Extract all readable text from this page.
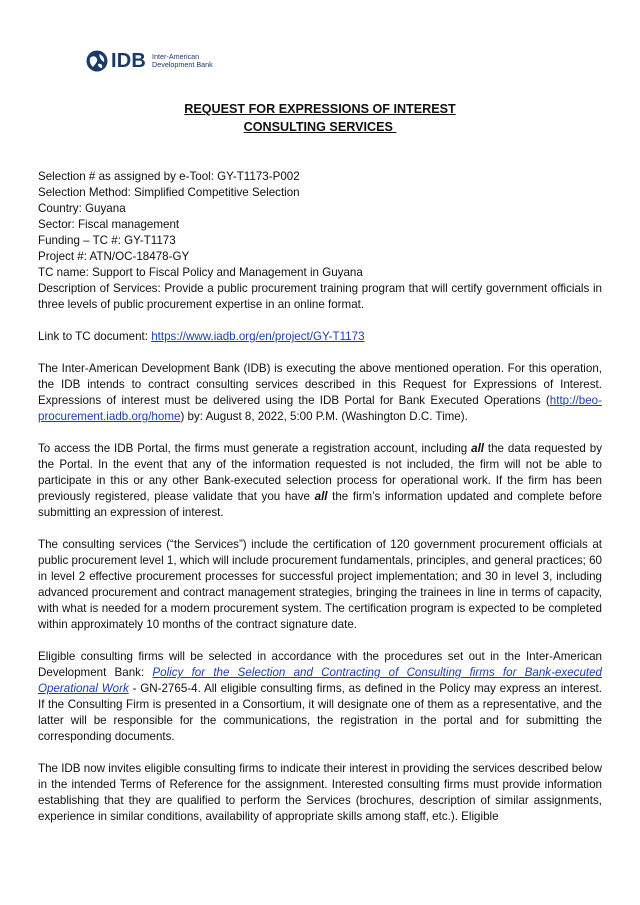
IDB Inter-American
Development Bank
REQUEST FOR EXPRESSIONS OF INTEREST
CONSULTING SERVICES
Selection # as assigned by e-Tool: GY-T1173-P002
Selection Method: Simplified Competitive Selection
Country: Guyana
Sector: Fiscal management
Funding – TC #: GY-T1173
Project #: ATN/OC-18478-GY
TC name: Support to Fiscal Policy and Management in Guyana
Description of Services: Provide a public procurement training program that will certify government officials in three levels of public procurement expertise in an online format.
Link to TC document: https://www.iadb.org/en/project/GY-T1173

The Inter-American Development Bank (IDB) is executing the above mentioned operation. For this operation, the IDB intends to contract consulting services described in this Request for Expressions of Interest. Expressions of interest must be delivered using the IDB Portal for Bank Executed Operations (http://beo-procurement.iadb.org/home) by: August 8, 2022, 5:00 P.M. (Washington D.C. Time).

To access the IDB Portal, the firms must generate a registration account, including all the data requested by the Portal. In the event that any of the information requested is not included, the firm will not be able to participate in this or any other Bank-executed selection process for operational work. If the firm has been previously registered, please validate that you have all the firm’s information updated and complete before submitting an expression of interest.

The consulting services (“the Services”) include the certification of 120 government procurement officials at public procurement level 1, which will include procurement fundamentals, principles, and general practices; 60 in level 2 effective procurement processes for successful project implementation; and 30 in level 3, including advanced procurement and contract management strategies, bringing the trainees in line in terms of capacity, with what is needed for a modern procurement system. The certification program is expected to be completed within approximately 10 months of the contract signature date.

Eligible consulting firms will be selected in accordance with the procedures set out in the Inter-American Development Bank: Policy for the Selection and Contracting of Consulting firms for Bank-executed Operational Work - GN-2765-4. All eligible consulting firms, as defined in the Policy may express an interest. If the Consulting Firm is presented in a Consortium, it will designate one of them as a representative, and the latter will be responsible for the communications, the registration in the portal and for submitting the corresponding documents.

The IDB now invites eligible consulting firms to indicate their interest in providing the services described below in the intended Terms of Reference for the assignment. Interested consulting firms must provide information establishing that they are qualified to perform the Services (brochures, description of similar assignments, experience in similar conditions, availability of appropriate skills among staff, etc.). Eligible
